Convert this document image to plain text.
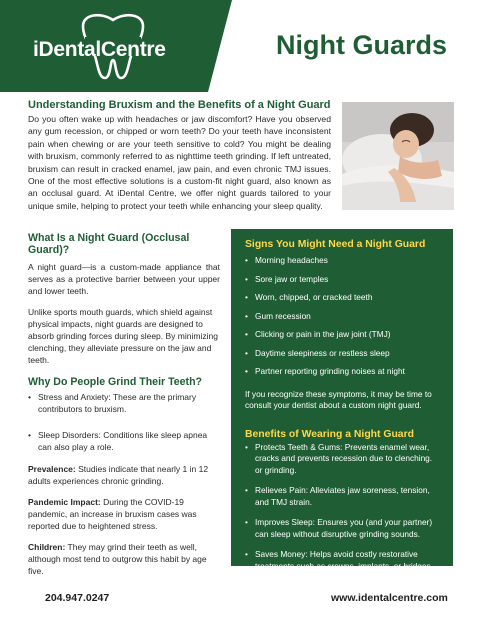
iDentalCentre	Night Guards
Understanding Bruxism and the Benefits of a Night Guard
Do you often wake up with headaches or jaw discomfort? Have you observed any gum recession, or chipped or worn teeth? Do your teeth have inconsistent pain when chewing or are your teeth sensitive to cold? You might be dealing with bruxism, commonly referred to as nighttime teeth grinding. If left untreated, bruxism can result in cracked enamel, jaw pain, and even chronic TMJ issues. One of the most effective solutions is a custom-fit night guard, also known as an occlusal guard. At iDental Centre, we offer night guards tailored to your unique smile, helping to protect your teeth while enhancing your sleep quality.
What Is a Night Guard (Occlusal Guard)?
A night guard—is a custom-made appliance that serves as a protective barrier between your upper and lower teeth.
Unlike sports mouth guards, which shield against physical impacts, night guards are designed to absorb grinding forces during sleep. By minimizing clenching, they alleviate pressure on the jaw and teeth.
Why Do People Grind Their Teeth?
• Stress and Anxiety: These are the primary contributors to bruxism.
• Sleep Disorders: Conditions like sleep apnea can also play a role.
Prevalence: Studies indicate that nearly 1 in 12 adults experiences chronic grinding.
Pandemic Impact: During the COVID-19 pandemic, an increase in bruxism cases was reported due to heightened stress.
Children: They may grind their teeth as well, although most tend to outgrow this habit by age five.
Signs You Might Need a Night Guard
• Morning headaches
• Sore jaw or temples
• Worn, chipped, or cracked teeth
• Gum recession
• Clicking or pain in the jaw joint (TMJ)
• Daytime sleepiness or restless sleep
• Partner reporting grinding noises at night
If you recognize these symptoms, it may be time to consult your dentist about a custom night guard.
Benefits of Wearing a Night Guard
• Protects Teeth & Gums: Prevents enamel wear, cracks and prevents recession due to clenching. or grinding.
• Relieves Pain: Alleviates jaw soreness, tension, and TMJ strain.
• Improves Sleep: Ensures you (and your partner) can sleep without disruptive grinding sounds.
• Saves Money: Helps avoid costly restorative treatments such as crowns, implants, or bridges.
204.947.0247	www.identalcentre.com
